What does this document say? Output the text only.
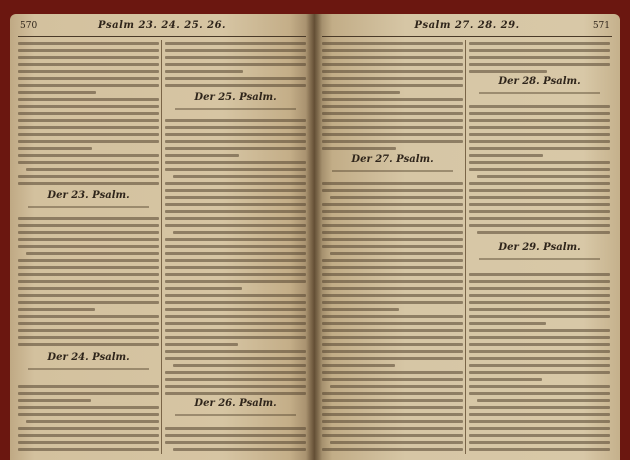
570	Psalm 23. 24. 25. 26.
Der 23. Psalm.
Der 24. Psalm.
Der 25. Psalm.
Der 26. Psalm.
Psalm 27. 28. 29.	571
Der 27. Psalm.
Der 28. Psalm.
Der 29. Psalm.
